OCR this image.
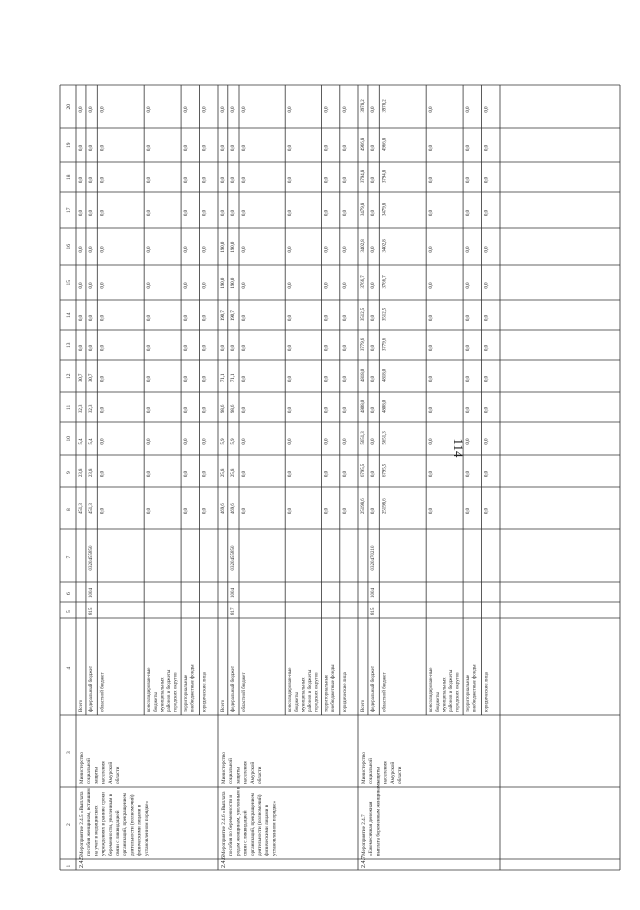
1
2
3
4
5
6
7
8
9
10
11
12
13
14
15
16
17
18
19
20
2.4.5
Мероприятие 2.4.5 «Выплата пособия женщинам, вставшим на учет в медицинских учреждениях в ранние сроки беременности, уволенным в связи с ликвидацией организаций, прекращением деятельности (полномочий) физическими лицами в установленном порядке»
Министерство социальной защиты населения Амурской области
Всего
451,3
23,8
5,4
32,3
30,7
0,0
0,0
0,0
0,0
0,0
0,0
0,0
0,0
федеральный бюджет
451,3
23,8
5,4
32,3
30,7
0,0
0,0
0,0
0,0
0,0
0,0
0,0
0,0
областной бюджет
0,0
0,0
0,0
0,0
0,0
0,0
0,0
0,0
0,0
0,0
0,0
0,0
0,0
консолидирован-ные бюджеты муниципальных районов и бюджеты городских округов
0,0
0,0
0,0
0,0
0,0
0,0
0,0
0,0
0,0
0,0
0,0
0,0
0,0
территориальные внебюджетные фонды
0,0
0,0
0,0
0,0
0,0
0,0
0,0
0,0
0,0
0,0
0,0
0,0
0,0
юридические лица
0,0
0,0
0,0
0,0
0,0
0,0
0,0
0,0
0,0
0,0
0,0
0,0
0,0
815
1004
0320455850
2.4.6
Мероприятие 2.4.6 «Выплата пособия по беременности и родам женщинам, уволенным в связи с ликвидацией организаций, прекращением деятельности (полномочий) физическими лицами в установленном порядке»
Министерство социальной защиты населения Амурской области
Всего
469,6
25,8
5,9
98,6
71,1
0,0
190,7
190,0
190,0
0,0
0,0
0,0
0,0
федеральный бюджет
469,6
25,8
5,9
98,6
71,1
0,0
190,7
190,0
190,0
0,0
0,0
0,0
0,0
областной бюджет
0,0
0,0
0,0
0,0
0,0
0,0
0,0
0,0
0,0
0,0
0,0
0,0
0,0
консолидирован-ные бюджеты муниципальных районов и бюджеты городских округов
0,0
0,0
0,0
0,0
0,0
0,0
0,0
0,0
0,0
0,0
0,0
0,0
0,0
территориальные внебюджетные фонды
0,0
0,0
0,0
0,0
0,0
0,0
0,0
0,0
0,0
0,0
0,0
0,0
0,0
юридические лица
0,0
0,0
0,0
0,0
0,0
0,0
0,0
0,0
0,0
0,0
0,0
0,0
0,0
817
1004
0320455850
2.4.7
Мероприятие 2.4.7 «Ежемесячная денежная выплата беременным женщинам»
Министерство социальной защиты населения Амурской области
Всего
25198,6
6795,5
5651,3
4808,0
4818,0
3779,6
3512,5
3766,7
3402,8
3479,8
3794,8
4966,8
3978,2
федеральный бюджет
0,0
0,0
0,0
0,0
0,0
0,0
0,0
0,0
0,0
0,0
0,0
0,0
0,0
областной бюджет
25198,6
6795,5
5651,3
4808,0
4818,0
3779,6
3512,5
3766,7
3402,8
3479,8
3794,8
4966,8
3978,2
консолидирован-ные бюджеты муниципальных районов и бюджеты городских округов
0,0
0,0
0,0
0,0
0,0
0,0
0,0
0,0
0,0
0,0
0,0
0,0
0,0
территориальные внебюджетные фонды
0,0
0,0
0,0
0,0
0,0
0,0
0,0
0,0
0,0
0,0
0,0
0,0
0,0
юридические лица
0,0
0,0
0,0
0,0
0,0
0,0
0,0
0,0
0,0
0,0
0,0
0,0
0,0
815
1004
0320470210
114
